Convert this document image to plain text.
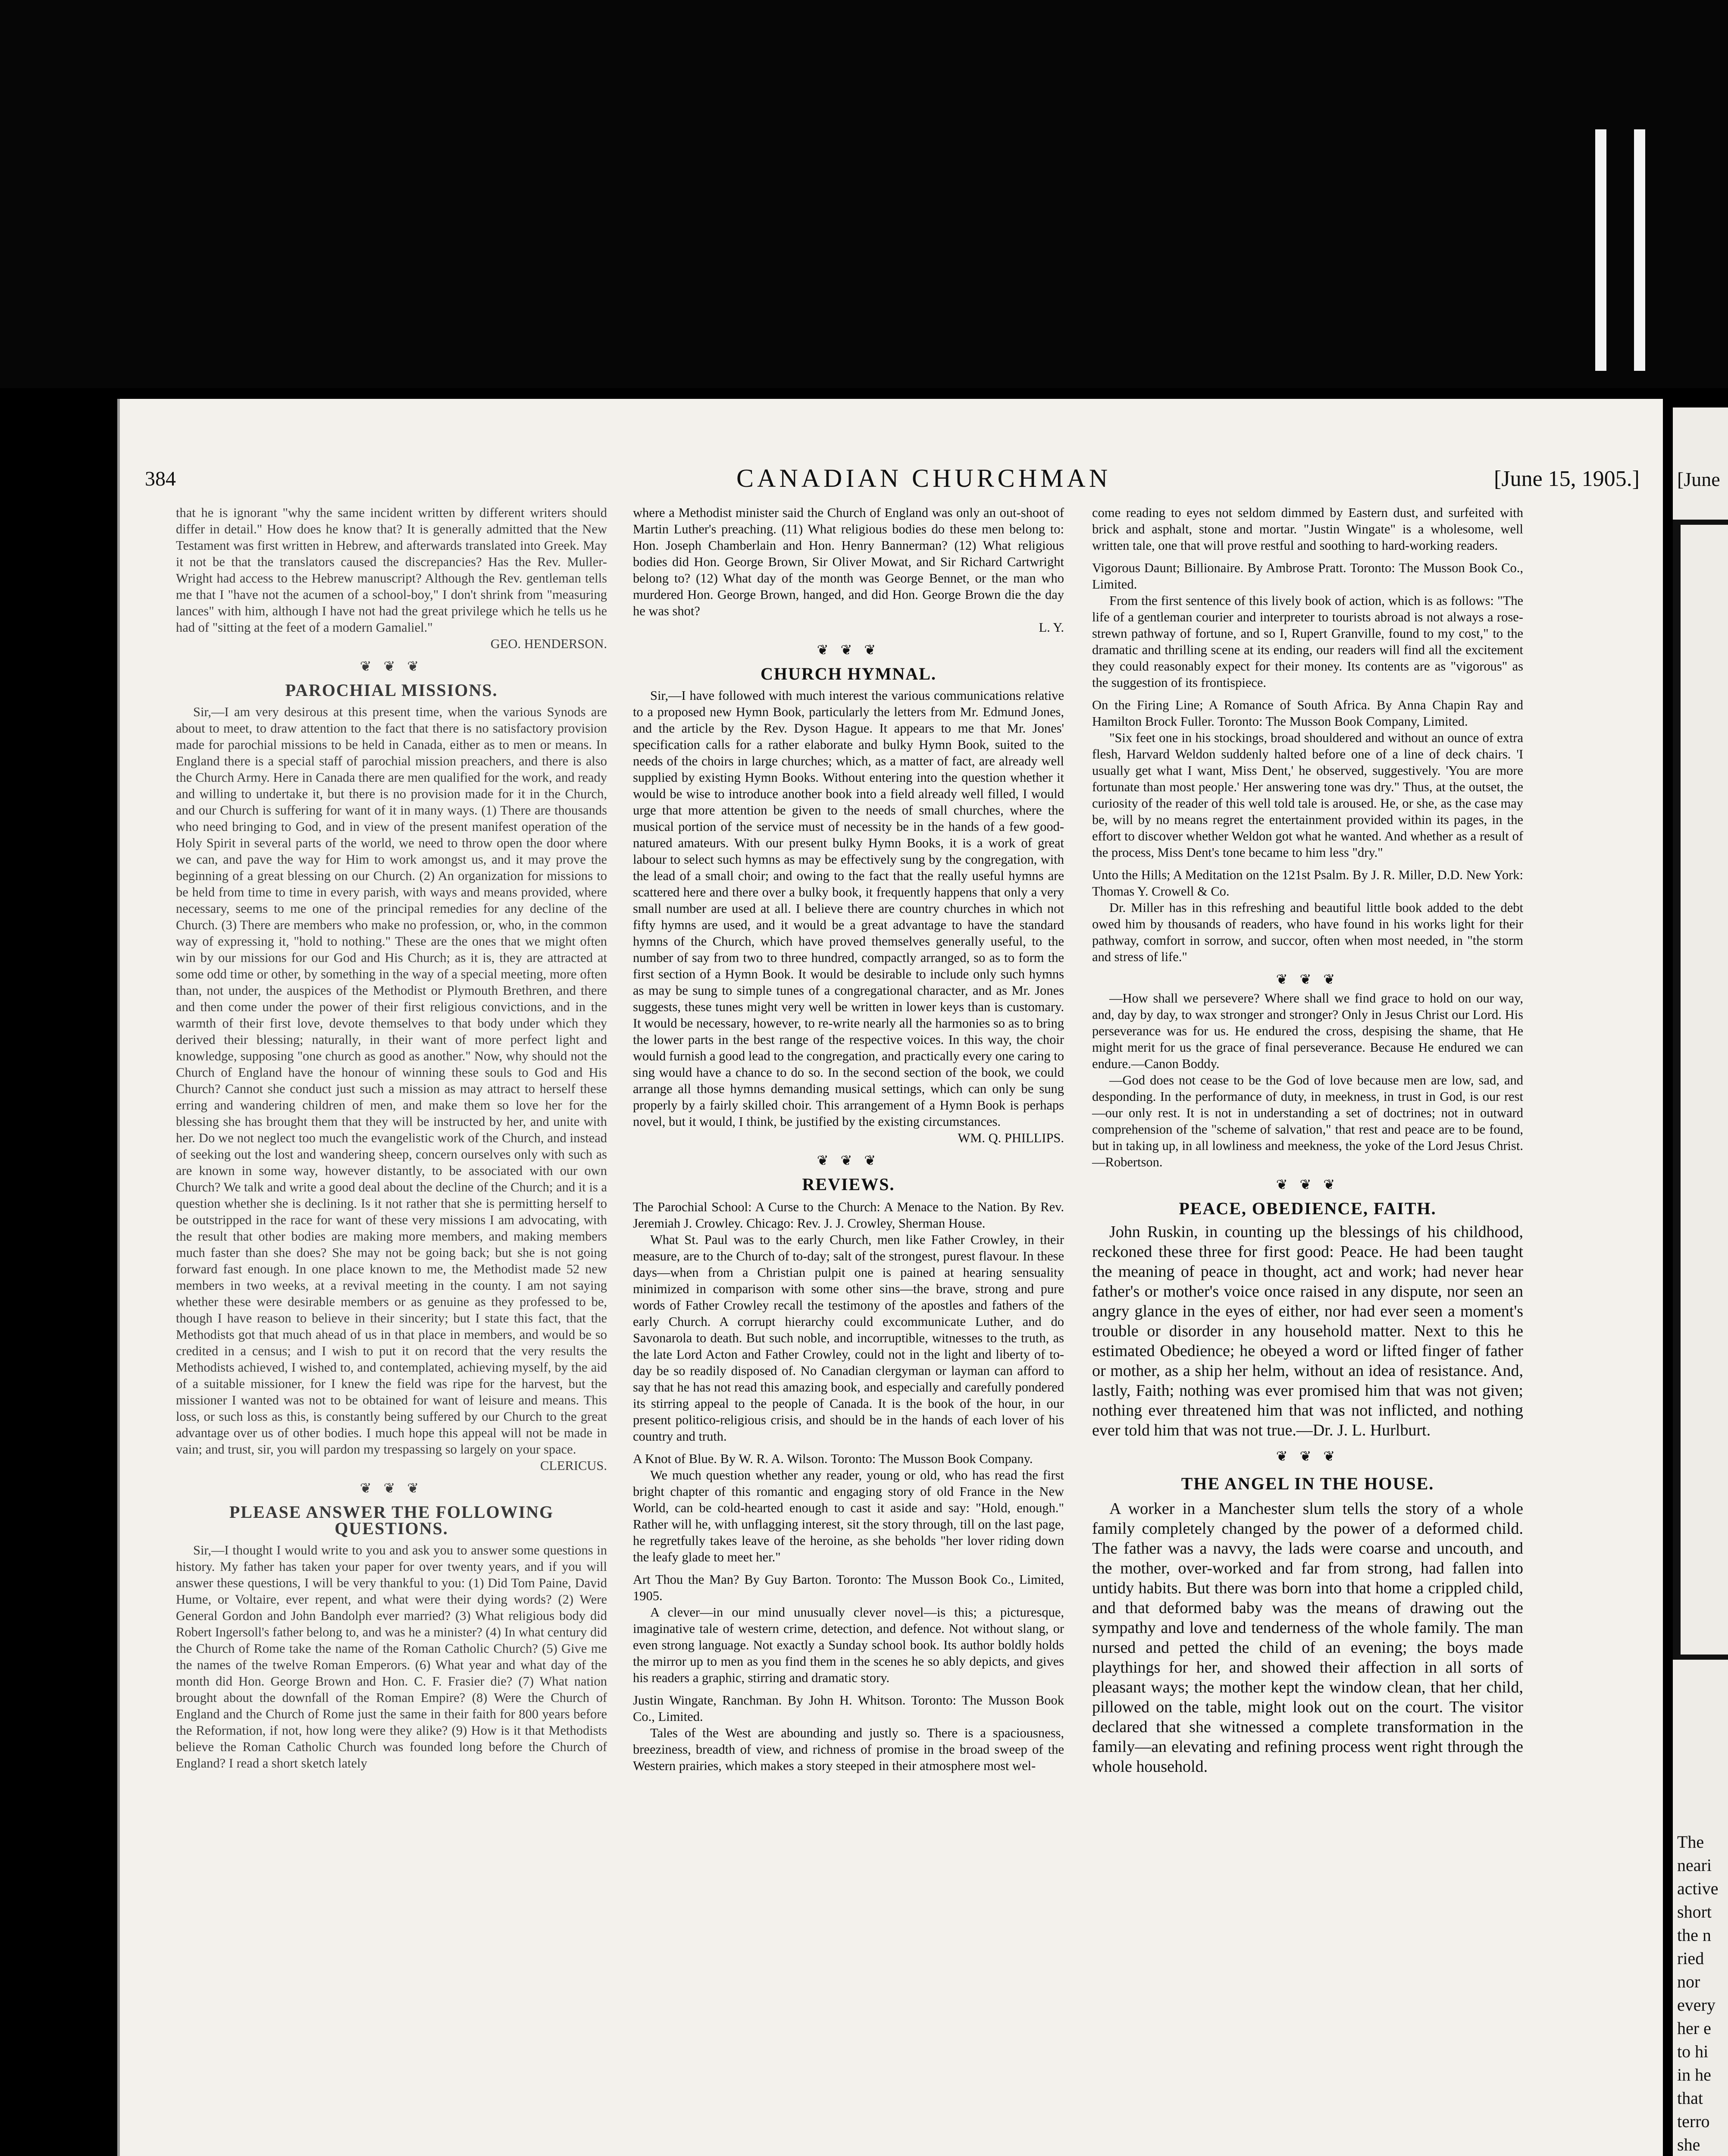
384	CANADIAN CHURCHMAN	[June 15, 1905.]

that he is ignorant "why the same incident written by different writers should differ in detail." How does he know that? It is generally admitted that the New Testament was first written in Hebrew, and afterwards translated into Greek. May it not be that the translators caused the discrepancies? Has the Rev. Muller-Wright had access to the Hebrew manuscript? Although the Rev. gentleman tells me that I "have not the acumen of a school-boy," I don't shrink from "measuring lances" with him, although I have not had the great privilege which he tells us he had of "sitting at the feet of a modern Gamaliel."

GEO. HENDERSON.

❦ ❦ ❦
PAROCHIAL MISSIONS.

Sir,—I am very desirous at this present time, when the various Synods are about to meet, to draw attention to the fact that there is no satisfactory provision made for parochial missions to be held in Canada, either as to men or means. In England there is a special staff of parochial mission preachers, and there is also the Church Army. Here in Canada there are men qualified for the work, and ready and willing to undertake it, but there is no provision made for it in the Church, and our Church is suffering for want of it in many ways. (1) There are thousands who need bringing to God, and in view of the present manifest operation of the Holy Spirit in several parts of the world, we need to throw open the door where we can, and pave the way for Him to work amongst us, and it may prove the beginning of a great blessing on our Church. (2) An organization for missions to be held from time to time in every parish, with ways and means provided, where necessary, seems to me one of the principal remedies for any decline of the Church. (3) There are members who make no profession, or, who, in the common way of expressing it, "hold to nothing." These are the ones that we might often win by our missions for our God and His Church; as it is, they are attracted at some odd time or other, by something in the way of a special meeting, more often than, not under, the auspices of the Methodist or Plymouth Brethren, and there and then come under the power of their first religious convictions, and in the warmth of their first love, devote themselves to that body under which they derived their blessing; naturally, in their want of more perfect light and knowledge, supposing "one church as good as another." Now, why should not the Church of England have the honour of winning these souls to God and His Church? Cannot she conduct just such a mission as may attract to herself these erring and wandering children of men, and make them so love her for the blessing she has brought them that they will be instructed by her, and unite with her. Do we not neglect too much the evangelistic work of the Church, and instead of seeking out the lost and wandering sheep, concern ourselves only with such as are known in some way, however distantly, to be associated with our own Church? We talk and write a good deal about the decline of the Church; and it is a question whether she is declining. Is it not rather that she is permitting herself to be outstripped in the race for want of these very missions I am advocating, with the result that other bodies are making more members, and making members much faster than she does? She may not be going back; but she is not going forward fast enough. In one place known to me, the Methodist made 52 new members in two weeks, at a revival meeting in the county. I am not saying whether these were desirable members or as genuine as they professed to be, though I have reason to believe in their sincerity; but I state this fact, that the Methodists got that much ahead of us in that place in members, and would be so credited in a census; and I wish to put it on record that the very results the Methodists achieved, I wished to, and contemplated, achieving myself, by the aid of a suitable missioner, for I knew the field was ripe for the harvest, but the missioner I wanted was not to be obtained for want of leisure and means. This loss, or such loss as this, is constantly being suffered by our Church to the great advantage over us of other bodies. I much hope this appeal will not be made in vain; and trust, sir, you will pardon my trespassing so largely on your space.

CLERICUS.

❦ ❦ ❦
PLEASE ANSWER THE FOLLOWING QUESTIONS.

Sir,—I thought I would write to you and ask you to answer some questions in history. My father has taken your paper for over twenty years, and if you will answer these questions, I will be very thankful to you: (1) Did Tom Paine, David Hume, or Voltaire, ever repent, and what were their dying words? (2) Were General Gordon and John Bandolph ever married? (3) What religious body did Robert Ingersoll's father belong to, and was he a minister? (4) In what century did the Church of Rome take the name of the Roman Catholic Church? (5) Give me the names of the twelve Roman Emperors. (6) What year and what day of the month did Hon. George Brown and Hon. C. F. Frasier die? (7) What nation brought about the downfall of the Roman Empire? (8) Were the Church of England and the Church of Rome just the same in their faith for 800 years before the Reformation, if not, how long were they alike? (9) How is it that Methodists believe the Roman Catholic Church was founded long before the Church of England? I read a short sketch lately

where a Methodist minister said the Church of England was only an out-shoot of Martin Luther's preaching. (11) What religious bodies do these men belong to: Hon. Joseph Chamberlain and Hon. Henry Bannerman? (12) What religious bodies did Hon. George Brown, Sir Oliver Mowat, and Sir Richard Cartwright belong to? (12) What day of the month was George Bennet, or the man who murdered Hon. George Brown, hanged, and did Hon. George Brown die the day he was shot?

L. Y.

❦ ❦ ❦
CHURCH HYMNAL.

Sir,—I have followed with much interest the various communications relative to a proposed new Hymn Book, particularly the letters from Mr. Edmund Jones, and the article by the Rev. Dyson Hague. It appears to me that Mr. Jones' specification calls for a rather elaborate and bulky Hymn Book, suited to the needs of the choirs in large churches; which, as a matter of fact, are already well supplied by existing Hymn Books. Without entering into the question whether it would be wise to introduce another book into a field already well filled, I would urge that more attention be given to the needs of small churches, where the musical portion of the service must of necessity be in the hands of a few good-natured amateurs. With our present bulky Hymn Books, it is a work of great labour to select such hymns as may be effectively sung by the congregation, with the lead of a small choir; and owing to the fact that the really useful hymns are scattered here and there over a bulky book, it frequently happens that only a very small number are used at all. I believe there are country churches in which not fifty hymns are used, and it would be a great advantage to have the standard hymns of the Church, which have proved themselves generally useful, to the number of say from two to three hundred, compactly arranged, so as to form the first section of a Hymn Book. It would be desirable to include only such hymns as may be sung to simple tunes of a congregational character, and as Mr. Jones suggests, these tunes might very well be written in lower keys than is customary. It would be necessary, however, to re-write nearly all the harmonies so as to bring the lower parts in the best range of the respective voices. In this way, the choir would furnish a good lead to the congregation, and practically every one caring to sing would have a chance to do so. In the second section of the book, we could arrange all those hymns demanding musical settings, which can only be sung properly by a fairly skilled choir. This arrangement of a Hymn Book is perhaps novel, but it would, I think, be justified by the existing circumstances.

WM. Q. PHILLIPS.

❦ ❦ ❦
REVIEWS.

The Parochial School: A Curse to the Church: A Menace to the Nation. By Rev. Jeremiah J. Crowley. Chicago: Rev. J. J. Crowley, Sherman House.

What St. Paul was to the early Church, men like Father Crowley, in their measure, are to the Church of to-day; salt of the strongest, purest flavour. In these days—when from a Christian pulpit one is pained at hearing sensuality minimized in comparison with some other sins—the brave, strong and pure words of Father Crowley recall the testimony of the apostles and fathers of the early Church. A corrupt hierarchy could excommunicate Luther, and do Savonarola to death. But such noble, and incorruptible, witnesses to the truth, as the late Lord Acton and Father Crowley, could not in the light and liberty of to-day be so readily disposed of. No Canadian clergyman or layman can afford to say that he has not read this amazing book, and especially and carefully pondered its stirring appeal to the people of Canada. It is the book of the hour, in our present politico-religious crisis, and should be in the hands of each lover of his country and truth.

A Knot of Blue. By W. R. A. Wilson. Toronto: The Musson Book Company.

We much question whether any reader, young or old, who has read the first bright chapter of this romantic and engaging story of old France in the New World, can be cold-hearted enough to cast it aside and say: "Hold, enough." Rather will he, with unflagging interest, sit the story through, till on the last page, he regretfully takes leave of the heroine, as she beholds "her lover riding down the leafy glade to meet her."

Art Thou the Man? By Guy Barton. Toronto: The Musson Book Co., Limited, 1905.

A clever—in our mind unusually clever novel—is this; a picturesque, imaginative tale of western crime, detection, and defence. Not without slang, or even strong language. Not exactly a Sunday school book. Its author boldly holds the mirror up to men as you find them in the scenes he so ably depicts, and gives his readers a graphic, stirring and dramatic story.

Justin Wingate, Ranchman. By John H. Whitson. Toronto: The Musson Book Co., Limited.

Tales of the West are abounding and justly so. There is a spaciousness, breeziness, breadth of view, and richness of promise in the broad sweep of the Western prairies, which makes a story steeped in their atmosphere most wel-

come reading to eyes not seldom dimmed by Eastern dust, and surfeited with brick and asphalt, stone and mortar. "Justin Wingate" is a wholesome, well written tale, one that will prove restful and soothing to hard-working readers.

Vigorous Daunt; Billionaire. By Ambrose Pratt. Toronto: The Musson Book Co., Limited.

From the first sentence of this lively book of action, which is as follows: "The life of a gentleman courier and interpreter to tourists abroad is not always a rose-strewn pathway of fortune, and so I, Rupert Granville, found to my cost," to the dramatic and thrilling scene at its ending, our readers will find all the excitement they could reasonably expect for their money. Its contents are as "vigorous" as the suggestion of its frontispiece.

On the Firing Line; A Romance of South Africa. By Anna Chapin Ray and Hamilton Brock Fuller. Toronto: The Musson Book Company, Limited.

"Six feet one in his stockings, broad shouldered and without an ounce of extra flesh, Harvard Weldon suddenly halted before one of a line of deck chairs. 'I usually get what I want, Miss Dent,' he observed, suggestively. 'You are more fortunate than most people.' Her answering tone was dry." Thus, at the outset, the curiosity of the reader of this well told tale is aroused. He, or she, as the case may be, will by no means regret the entertainment provided within its pages, in the effort to discover whether Weldon got what he wanted. And whether as a result of the process, Miss Dent's tone became to him less "dry."

Unto the Hills; A Meditation on the 121st Psalm. By J. R. Miller, D.D. New York: Thomas Y. Crowell & Co.

Dr. Miller has in this refreshing and beautiful little book added to the debt owed him by thousands of readers, who have found in his works light for their pathway, comfort in sorrow, and succor, often when most needed, in "the storm and stress of life."

❦ ❦ ❦

—How shall we persevere? Where shall we find grace to hold on our way, and, day by day, to wax stronger and stronger? Only in Jesus Christ our Lord. His perseverance was for us. He endured the cross, despising the shame, that He might merit for us the grace of final perseverance. Because He endured we can endure.—Canon Boddy.

—God does not cease to be the God of love because men are low, sad, and desponding. In the performance of duty, in meekness, in trust in God, is our rest—our only rest. It is not in understanding a set of doctrines; not in outward comprehension of the "scheme of salvation," that rest and peace are to be found, but in taking up, in all lowliness and meekness, the yoke of the Lord Jesus Christ.—Robertson.

❦ ❦ ❦
PEACE, OBEDIENCE, FAITH.

John Ruskin, in counting up the blessings of his childhood, reckoned these three for first good: Peace. He had been taught the meaning of peace in thought, act and work; had never hear father's or mother's voice once raised in any dispute, nor seen an angry glance in the eyes of either, nor had ever seen a moment's trouble or disorder in any household matter. Next to this he estimated Obedience; he obeyed a word or lifted finger of father or mother, as a ship her helm, without an idea of resistance. And, lastly, Faith; nothing was ever promised him that was not given; nothing ever threatened him that was not inflicted, and nothing ever told him that was not true.—Dr. J. L. Hurlburt.

❦ ❦ ❦
THE ANGEL IN THE HOUSE.

A worker in a Manchester slum tells the story of a whole family completely changed by the power of a deformed child. The father was a navvy, the lads were coarse and uncouth, and the mother, over-worked and far from strong, had fallen into untidy habits. But there was born into that home a crippled child, and that deformed baby was the means of drawing out the sympathy and love and tenderness of the whole family. The man nursed and petted the child of an evening; the boys made playthings for her, and showed their affection in all sorts of pleasant ways; the mother kept the window clean, that her child, pillowed on the table, might look out on the court. The visitor declared that she witnessed a complete transformation in the family—an elevating and refining process went right through the whole household.

[June
The
neari
active
short
the n
ried
nor
every
her e
to hi
in he
that
terro
she
